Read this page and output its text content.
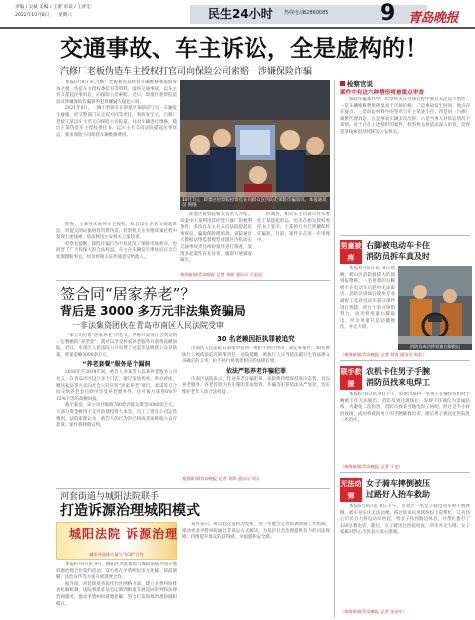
责编 / 吴斌 美编 / 王蕾 审读 / 王祥宏
2022年10月8日 星期六	民生24小时 热线电话:
82860085 9 青岛晚报
交通事故、车主诉讼，全是虚构的！
汽修厂老板伪造车主授权打官司向保险公司索赔　涉嫌保险诈骗

本报6月8日讯 汽修厂老板利用其经营车辆维修和报险业务之便，伪造车主授权委托书等资料，虚构交通事故，以车主名义提起民事诉讼，向保险公司索赔。近日，即墨区检察院依法对涉嫌保险诈骗罪的犯罪嫌疑人提起公诉。

2021年6月，一辆小型轿车在即墨区某路段与另一车辆发生碰撞，经交警部门认定双方同等责任。事故发生后，汽修厂老板王某以车主名义向保险公司报案，并对车辆进行维修。随后王某伪造车主授权委托书，以车主名义向法院提起民事诉讼，要求保险公司赔偿车辆维修费用。

10月7日，即墨区检察院检察官在向群众宣传防范保险诈骗知识。本报通讯员 供图

即墨区检察院相关负责人介绍，该案中王某利用其经营汽修厂的便利条件，多次以车主名义向法院提起民事诉讼，骗取保险理赔款。该院通过大数据法律监督模型对辖区内机动车交通事故责任纠纷案件进行筛查，发现多起案件存在异常，随即开展调查核实。

经调查，相关车主均表示并未委托王某提起诉讼，也未在相关授权委托书上签字。王某的行为已涉嫌保险诈骗罪。目前，案件正在进一步审理中。

经查，王某并未获得车主授权，私自以车主名义提起诉讼，所提交的证据材料均系伪造。检察机关在办理该案过程中发现上述线索，依法移送公安机关立案侦查。

检察官提醒，保险诈骗行为不仅扰乱了保险市场秩序，也损害了广大投保人的合法权益。车主在车辆发生事故后应亲自处理理赔事宜，切勿将相关证件随意交给他人。

观海新闻/青岛晚报 记者 刘海 通讯员 于思思
签合同“居家养老”？
背后是 3000 多万元非法集资骗局
一非法集资团伙在青岛市南区人民法院受审

一家公司打着“居家养老”的名义，声称只需签订合同交纳一定数额的“养老金”，就可以享受居家养老服务并获得高额回报。近日，市南区人民法院公开审理了这起非法吸收公众存款案，涉案金额3000余万元。

“养老套餐”服务是个漏洞

2016年至2018年间，被告人李某等人以某养老服务公司名义，在青岛市区设立多个门店，通过发放传单、举办讲座、赠送礼品等方式向社会公开宣传“居家养老”项目，承诺签订合同交纳养老金后除可享受养老服务外，还可按月获得6%至12%不等的高额回报。

截至案发，该公司共吸收780余名群众资金3000余万元，大部分资金被用于支付前期投资人本息、员工工资及公司运营费用。法院审理认为，被告人的行为均已构成非法吸收公众存款罪，案件将择期宣判。

30 名老赖因拒执罪被追究

市南区人民法院日前集中宣判一批拒不执行判决、裁定罪案件，30名被执行人被依法追究刑事责任。法院提醒，被执行人应当依法履行生效法律文书确定的义务，拒不执行将承担相应的法律后果。

依法严惩养老诈骗犯罪

市南区法院表示，针对养老诈骗犯罪，法院将持续保持高压态势，对以养老服务、养老投资为名实施的非法集资、诈骗等犯罪依法从严惩处，切实维护老年人的合法权益。

观海新闻/青岛晚报 记者 刘海 通讯员 刘永
河套街道与城阳法院联手
打造诉源治理城阳模式
城阳法院 诉源治理
城市共同体力量与“诉源”合作

本报6月8日讯 9月，城阳区河套街道与城阳法院共同开展诉源治理合作签约活动，双方将在矛盾纠纷多元化解、诉前调解、法治宣传等方面开展深度合作。

据介绍，河套街道将依托社区网格力量，建立矛盾纠纷排查化解机制，法院将派驻法官定期到街道开展巡回审判和法律咨询服务，推动矛盾纠纷就地化解，努力打造诉源治理的城阳模式。

双方表示，将以此次签约为契机，进一步健全完善诉调对接工作机制，推动更多矛盾纠纷通过非诉讼方式解决，为基层社会治理提供有力的司法保障，持续提升群众的获得感、幸福感和安全感。

检察官说
案件中有这六种情形将被重点审查

保险诈骗案件中，检察机关在办理过程中重点关注以下情形：一是车辆维修费用明显高于市场价格；二是事故发生时间、地点存在疑点；三是诉讼材料中的签名与车主笔迹不符；四是同一汽修厂频繁代理诉讼；五是事故车辆多次出险；六是当事人对诉讼情况不知情。对于存在上述情形的案件，检察机关将依法深入审查，发现犯罪线索的及时移送公安机关。

男童被疼
右脚被电动车卡住
消防员拆车真及时

本报6月8日讯 8日傍晚，崂山区消防救援大队接到报警称，一名男童的右脚被卡在电动车后轮中无法取出。消防员到场后使用专业破拆工具对电动车部分部件进行拆除，经过十余分钟的努力，成功将男童右脚取出。所幸男童只是轻微擦伤，并无大碍。

消防员成功将男童右脚救出
（观海新闻/青岛晚报 记者 刘海 通讯员 周雷）
联手救援
农机卡住男子手腕
消防员找来电焊工

本报6月8日讯 8日下午，胶州市某村一名男子在操作农机时手腕被卡住无法脱出。消防员到达现场后，发现卡住部位为金属结构，为避免二次伤害，消防员找来当地电焊工协助，经过近半小时的救援，成功将被困男子的手腕解救出来，随后男子被送往医院进一步治疗。

（观海新闻/青岛晚报 记者 于忠）
无法动弹
女子骑车摔倒被压
过路好人抬车救助

本报6月8日讯 8日下午，市北区一名女子骑电动车时不慎摔倒，被车身压住无法动弹。路过的市民见状纷纷上前帮忙，几名热心市民合力将电动车抬起，将女子扶到路边休息，并帮忙拨打了120急救电话。随后，女子被送往医院检查，所幸并无大碍。女子家属对热心市民表示衷心感谢。

（观海新闻/青岛晚报 记者 张安中）
